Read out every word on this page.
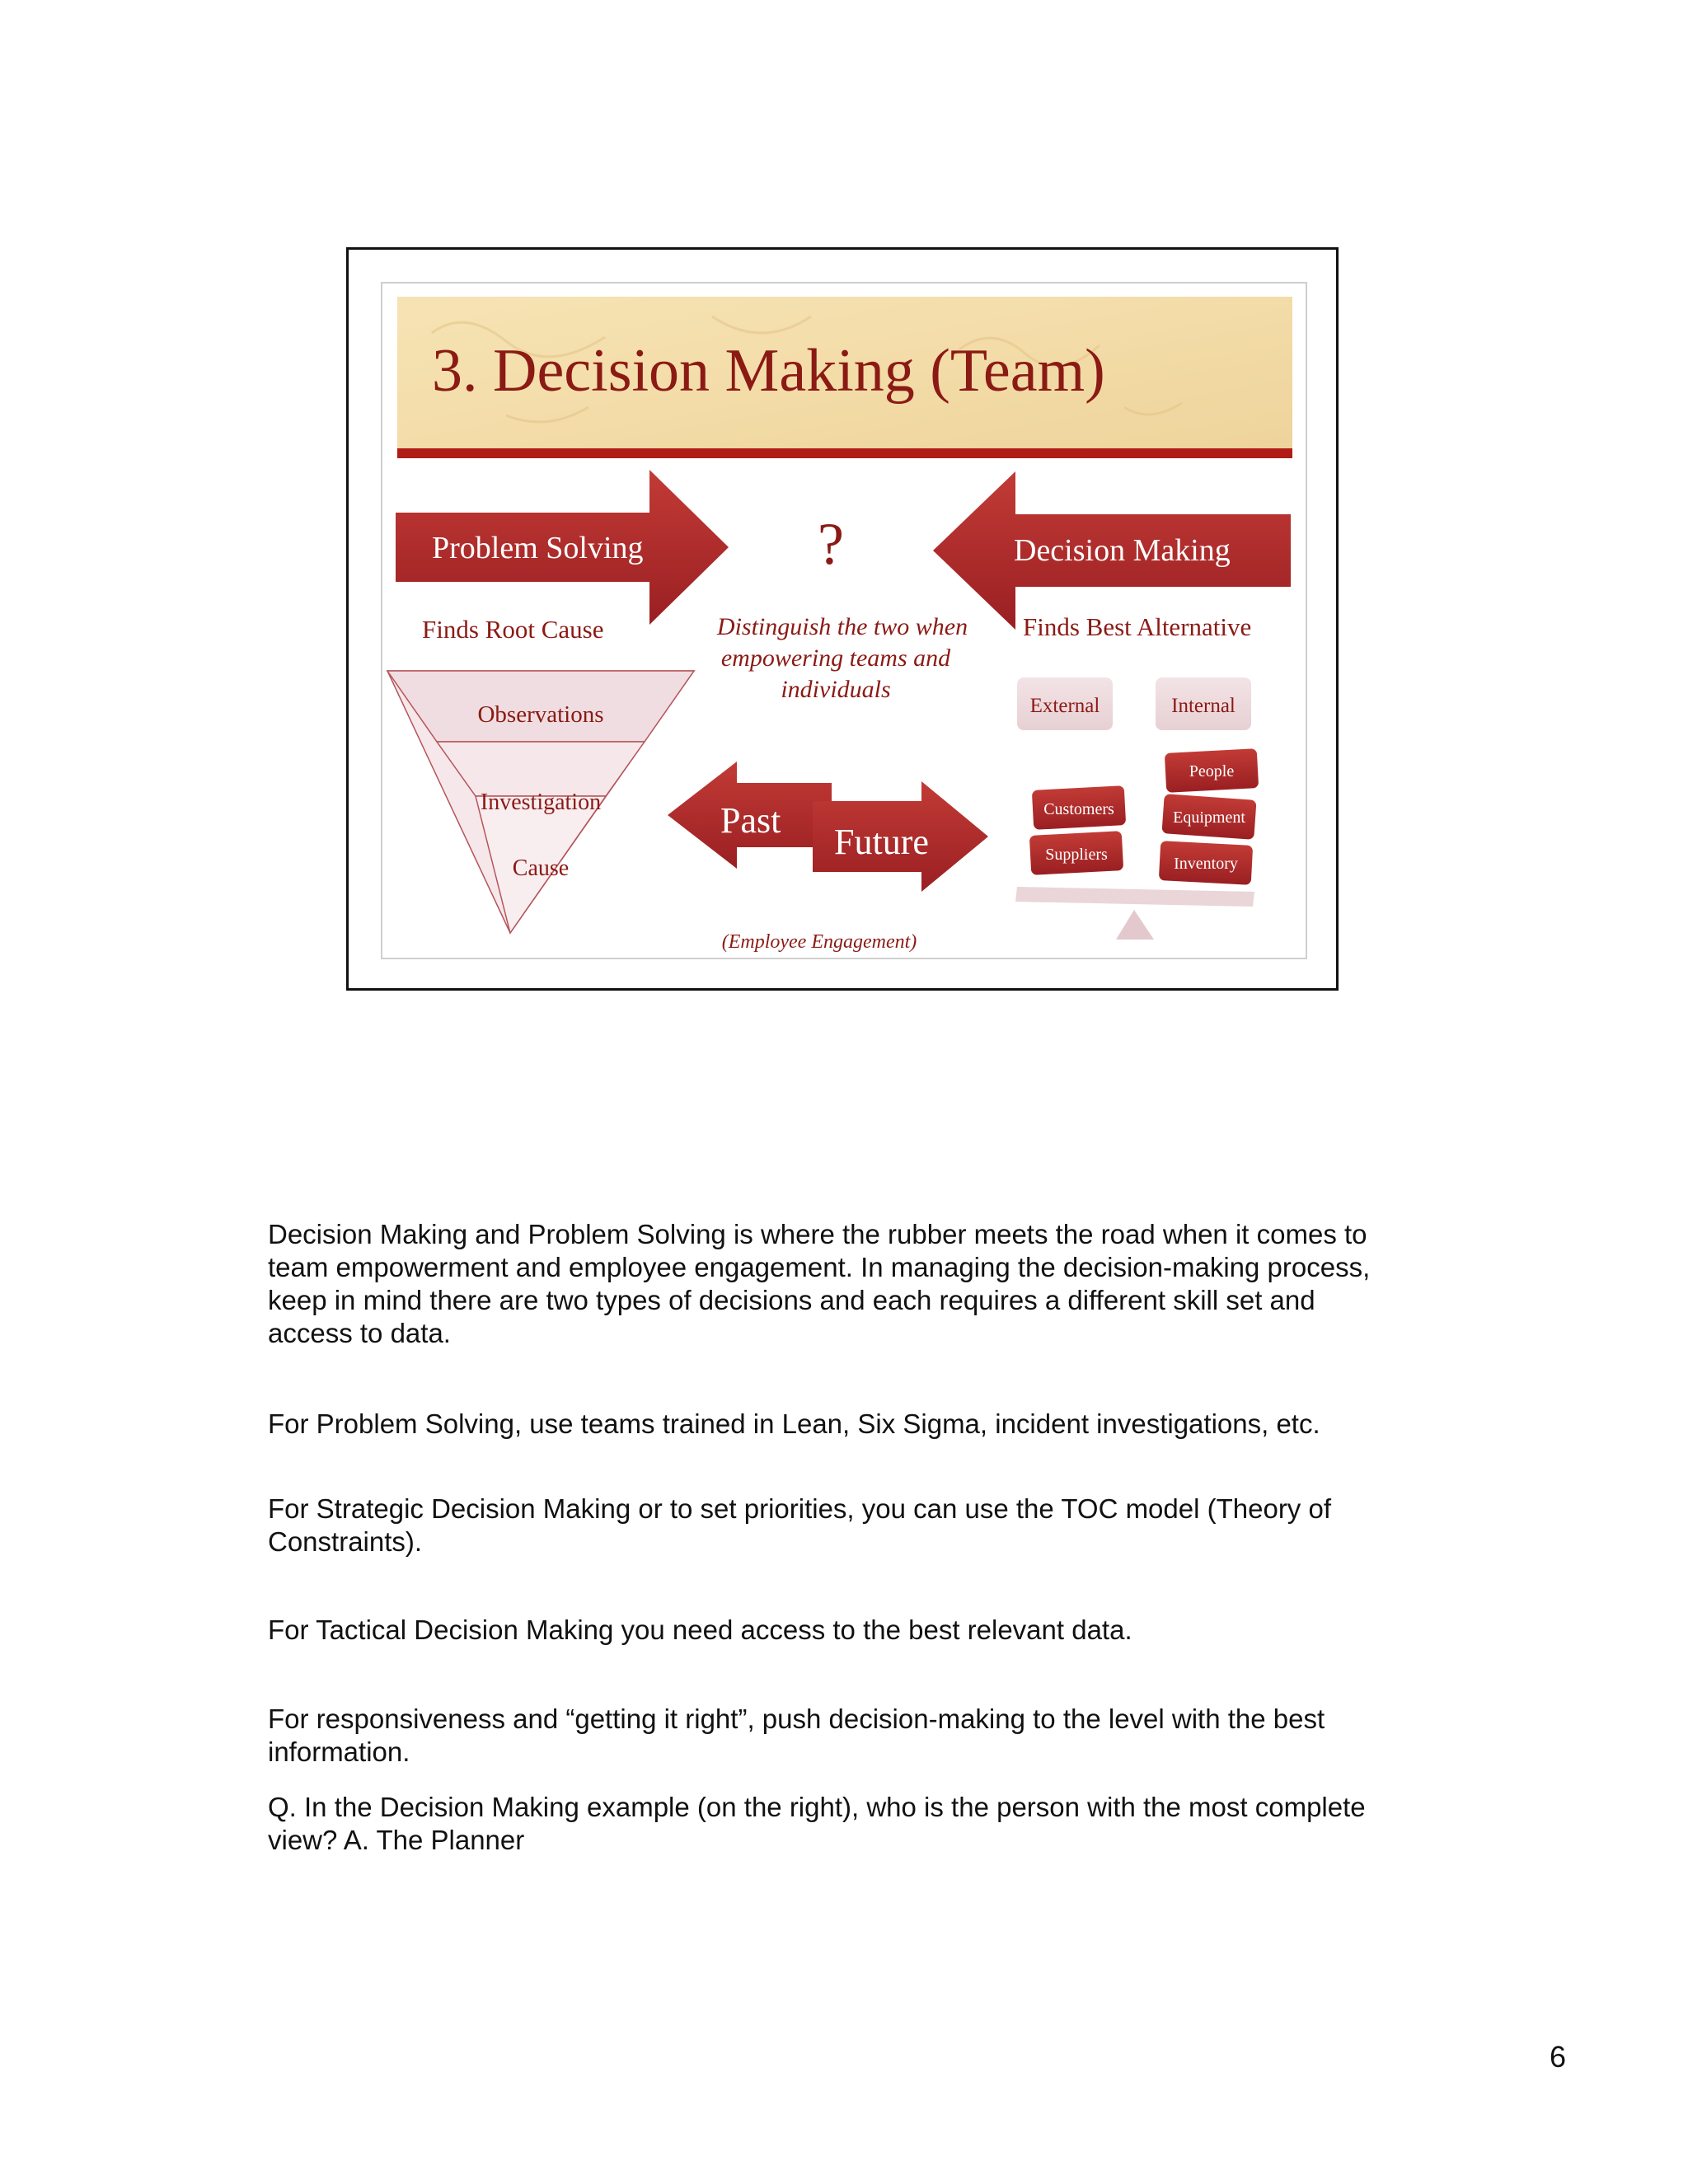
3. Decision Making (Team)
Problem Solving	?	Decision Making
Finds Root Cause	Finds Best Alternative
Distinguish the two when
empowering teams and
individuals
Observations
Investigation
Cause
Past
Future
(Employee Engagement)
External	Internal
Customers
Suppliers
People
Equipment
Inventory

Decision Making and Problem Solving is where the rubber meets the road when it comes to

team empowerment and employee engagement. In managing the decision-making process,

keep in mind there are two types of decisions and each requires a different skill set and

access to data.

For Problem Solving, use teams trained in Lean, Six Sigma, incident investigations, etc.

For Strategic Decision Making or to set priorities, you can use the TOC model (Theory of

Constraints).

For Tactical Decision Making you need access to the best relevant data.

For responsiveness and “getting it right”, push decision-making to the level with the best

information.

Q. In the Decision Making example (on the right), who is the person with the most complete

view? A. The Planner

6
